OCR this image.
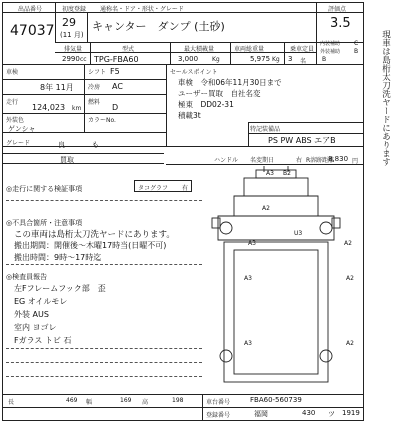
出品番号
47037
初度登録 通称名・ドア・形状・グレード
29
(11 月)
キャンター　ダンプ (土砂)
評価点
3.5
排気量
2990 cc
型式
TPG-FBA60
最大積載量
3,000 Kg
車両総重量
5,975 Kg
乗車定員
3 名
内装補助 C
外装補助 B
B
車検	シフト F5
8年 11月 冷房 AC
走行
124,023 km
燃料
D
外装色
ゲンシャ
カラーNo.
グレード	良	も
買取
セールスポイント
車検　令和06年11月30日まで
ユーザー買取　自社名変
極東　DD02-31
積載3t
特記装備品
PS PW ABS エアB
ハンドル 名変期日	右 R溶跡距離
8,830 円
◎走行に関する検証事項	タコグラフ 有
◎不具合箇所・注意事項
この車両は島桁太刀洗ヤードにあります。
搬出期間：開催後～木曜17時当(日曜不可)
搬出時間：9時～17時迄
◎検査員報告
左Fフレームフック部　歪
EG オイルモレ
外装 AUS
室内 ヨゴレ
Fガラス トビ 石
A3 B2
U3
A2
A3	A2
A3	A2
A2
A3
長	469 幅	169 高	198	車台番号	FBA60-560739
登録番号	福岡	430 ツ 1919
現車は島桁太刀洗ヤードにあります
